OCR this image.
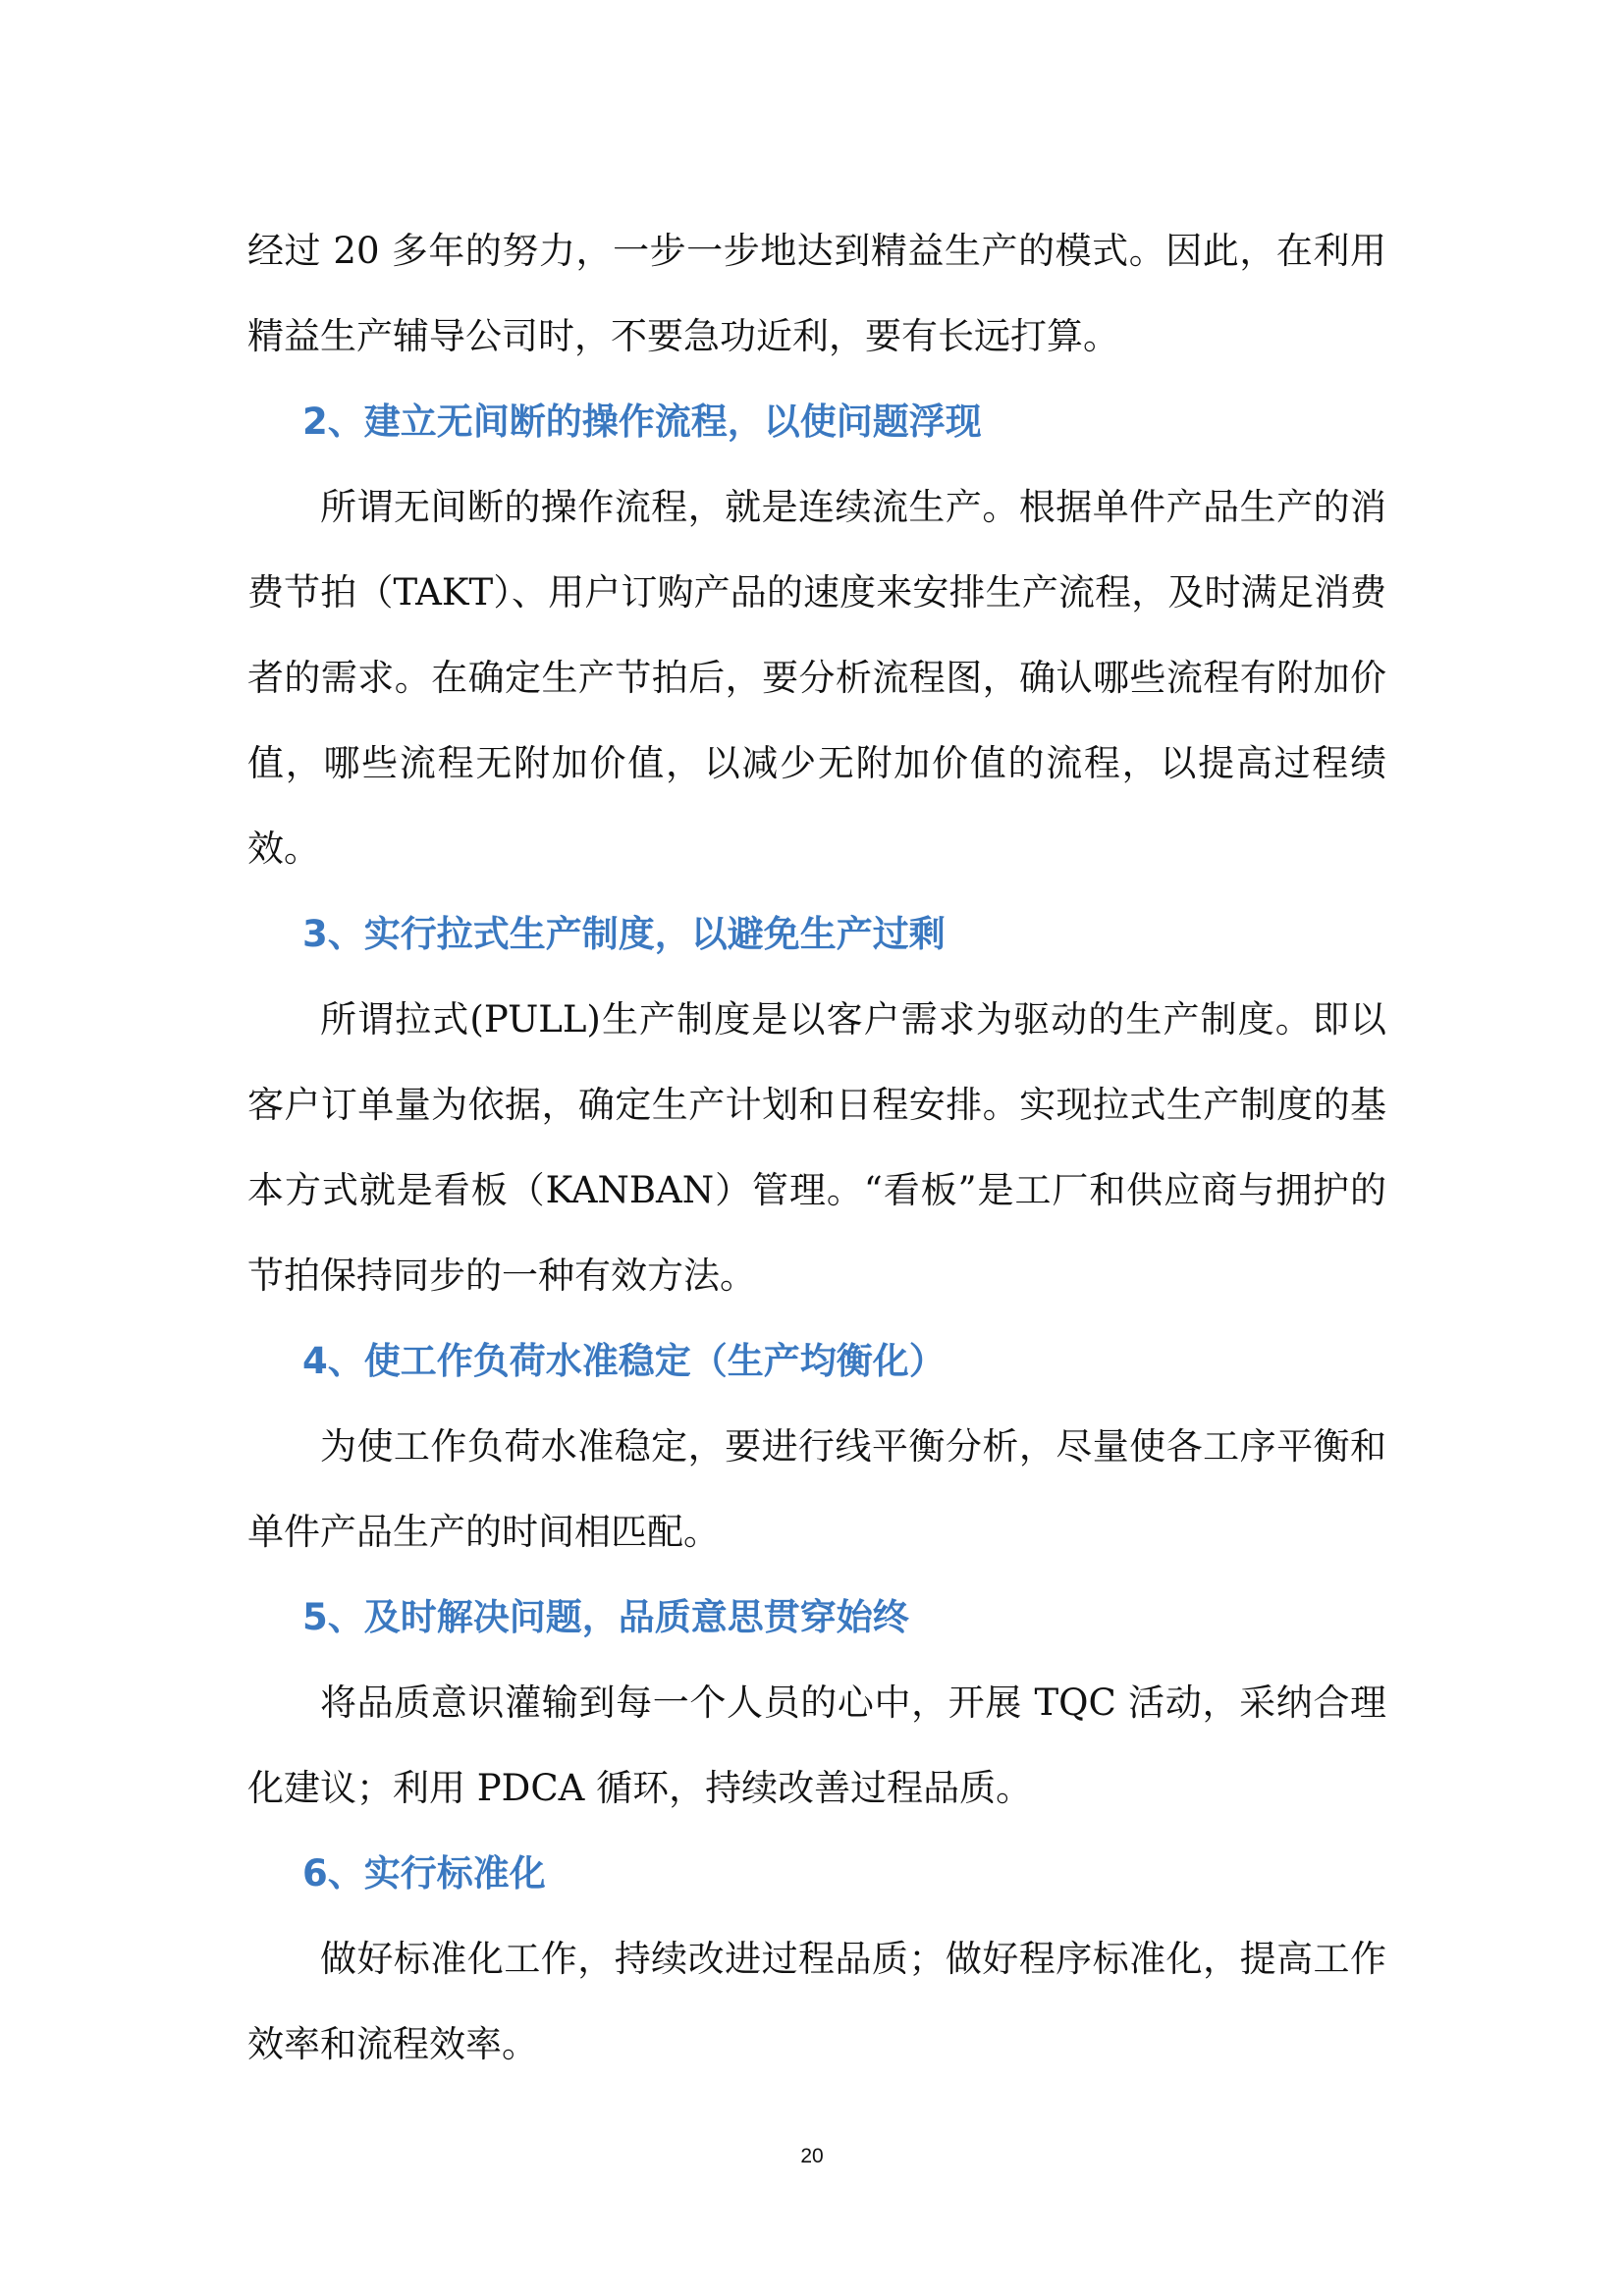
经过 20 多年的努力，一步一步地达到精益生产的模式。因此，在利用精益生产辅导公司时，不要急功近利，要有长远打算。

2、建立无间断的操作流程，以使问题浮现

所谓无间断的操作流程，就是连续流生产。根据单件产品生产的消费节拍（TAKT）、用户订购产品的速度来安排生产流程，及时满足消费者的需求。在确定生产节拍后，要分析流程图，确认哪些流程有附加价值，哪些流程无附加价值，以减少无附加价值的流程，以提高过程绩效。

3、实行拉式生产制度，以避免生产过剩

所谓拉式(PULL)生产制度是以客户需求为驱动的生产制度。即以客户订单量为依据，确定生产计划和日程安排。实现拉式生产制度的基本方式就是看板（KANBAN）管理。“看板”是工厂和供应商与拥护的节拍保持同步的一种有效方法。

4、使工作负荷水准稳定（生产均衡化）

为使工作负荷水准稳定，要进行线平衡分析，尽量使各工序平衡和单件产品生产的时间相匹配。

5、及时解决问题，品质意思贯穿始终

将品质意识灌输到每一个人员的心中，开展 TQC 活动，采纳合理化建议；利用 PDCA 循环，持续改善过程品质。

6、实行标准化

做好标准化工作，持续改进过程品质；做好程序标准化，提高工作效率和流程效率。

20
